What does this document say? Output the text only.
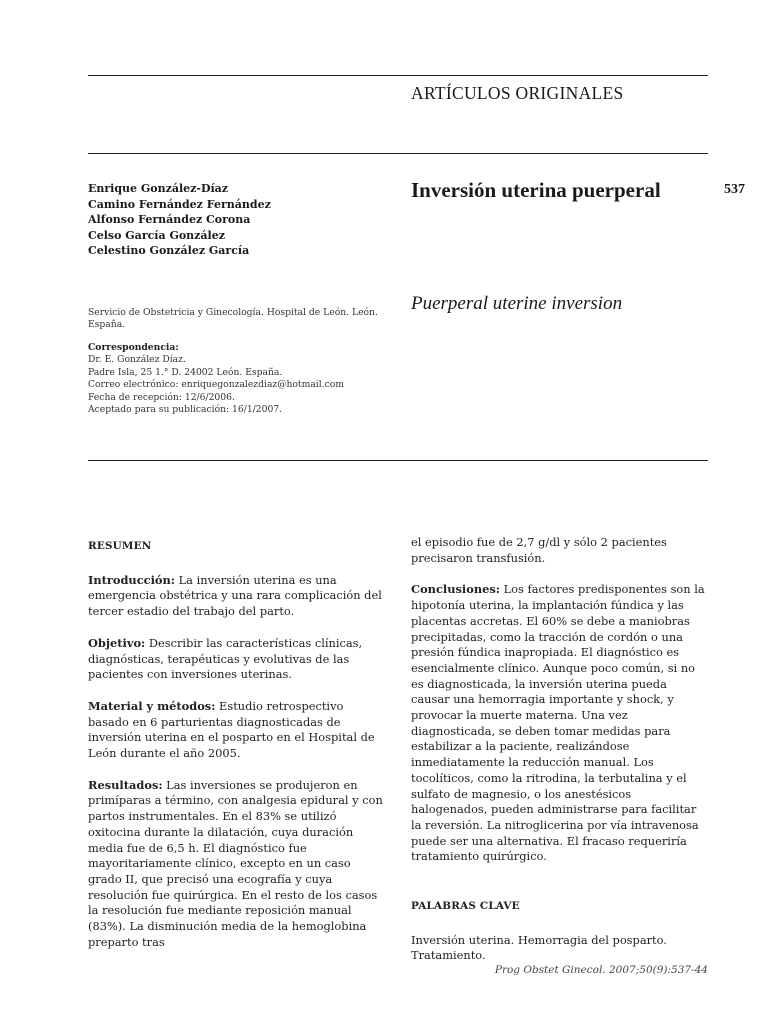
ARTÍCULOS ORIGINALES
Enrique González-Díaz
Camino Fernández Fernández
Alfonso Fernández Corona
Celso García González
Celestino González García
Inversión uterina puerperal	537
Puerperal uterine inversion
Servicio de Obstetricia y Ginecología. Hospital de León. León.
España.
Correspondencia:
Dr. E. González Díaz.
Padre Isla, 25 1.° D. 24002 León. España.
Correo electrónico: enriquegonzalezdiaz@hotmail.com
Fecha de recepción: 12/6/2006.
Aceptado para su publicación: 16/1/2007.

RESUMEN

Introducción: La inversión uterina es una emergencia obstétrica y una rara complicación del tercer estadio del trabajo del parto.

Objetivo: Describir las características clínicas, diagnósticas, terapéuticas y evolutivas de las pacientes con inversiones uterinas.

Material y métodos: Estudio retrospectivo basado en 6 parturientas diagnosticadas de inversión uterina en el posparto en el Hospital de León durante el año 2005.

Resultados: Las inversiones se produjeron en primíparas a término, con analgesia epidural y con partos instrumentales. En el 83% se utilizó oxitocina durante la dilatación, cuya duración media fue de 6,5 h. El diagnóstico fue mayoritariamente clínico, excepto en un caso grado II, que precisó una ecografía y cuya resolución fue quirúrgica. En el resto de los casos la resolución fue mediante reposición manual (83%). La disminución media de la hemoglobina preparto tras

el episodio fue de 2,7 g/dl y sólo 2 pacientes precisaron transfusión.

Conclusiones: Los factores predisponentes son la hipotonía uterina, la implantación fúndica y las placentas accretas. El 60% se debe a maniobras precipitadas, como la tracción de cordón o una presión fúndica inapropiada. El diagnóstico es esencialmente clínico. Aunque poco común, si no es diagnosticada, la inversión uterina pueda causar una hemorragia importante y shock, y provocar la muerte materna. Una vez diagnosticada, se deben tomar medidas para estabilizar a la paciente, realizándose inmediatamente la reducción manual. Los tocolíticos, como la ritrodina, la terbutalina y el sulfato de magnesio, o los anestésicos halogenados, pueden administrarse para facilitar la reversión. La nitroglicerina por vía intravenosa puede ser una alternativa. El fracaso requeriría tratamiento quirúrgico.

PALABRAS CLAVE

Inversión uterina. Hemorragia del posparto. Tratamiento.

Prog Obstet Ginecol. 2007;50(9):537-44
